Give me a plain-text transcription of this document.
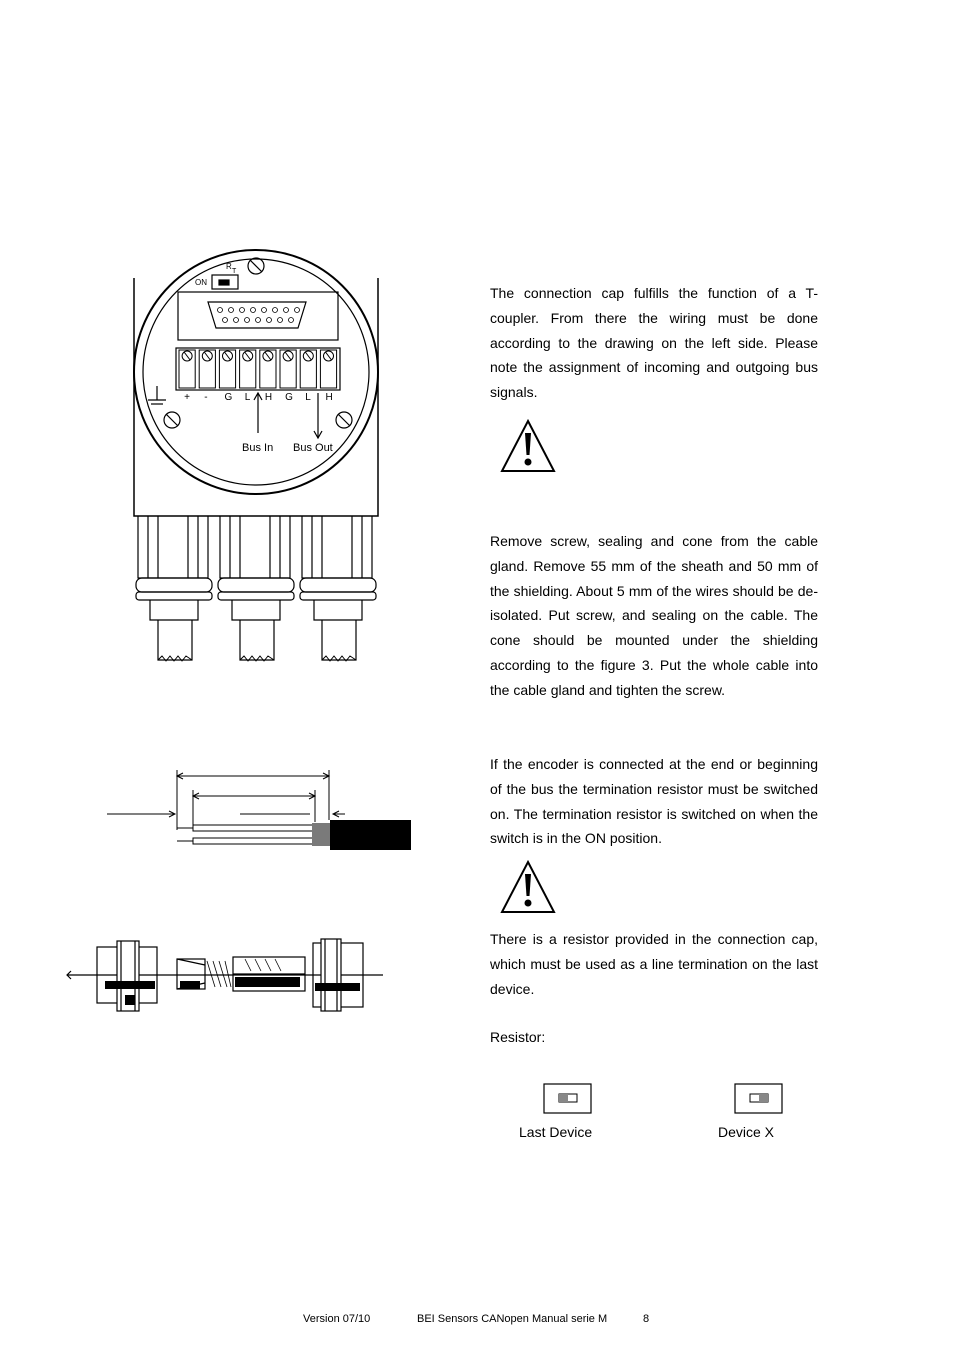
R
T
ON
+ - G L H G L H
Bus In Bus Out

The connection cap fulfills the function of a T-coupler. From there the wiring must be done according to the drawing on the left side. Please note the assignment of incoming and outgoing bus signals.

Remove screw, sealing and cone from the cable gland. Remove 55 mm of the sheath and 50 mm of the shielding. About 5 mm of the wires should be de-isolated. Put screw, and sealing on the cable. The cone should be mounted under the shielding according to the figure 3. Put the whole cable into the cable gland and tighten the screw.

If the encoder is connected at the end or beginning of the bus the termination resistor must be switched on. The termination resistor is switched on when the switch is in the ON position.

There is a resistor provided in the connection cap, which must be used as a line termination on the last device.

Resistor:
Last Device	Device X
Version 07/10	BEI Sensors CANopen Manual serie M	8
